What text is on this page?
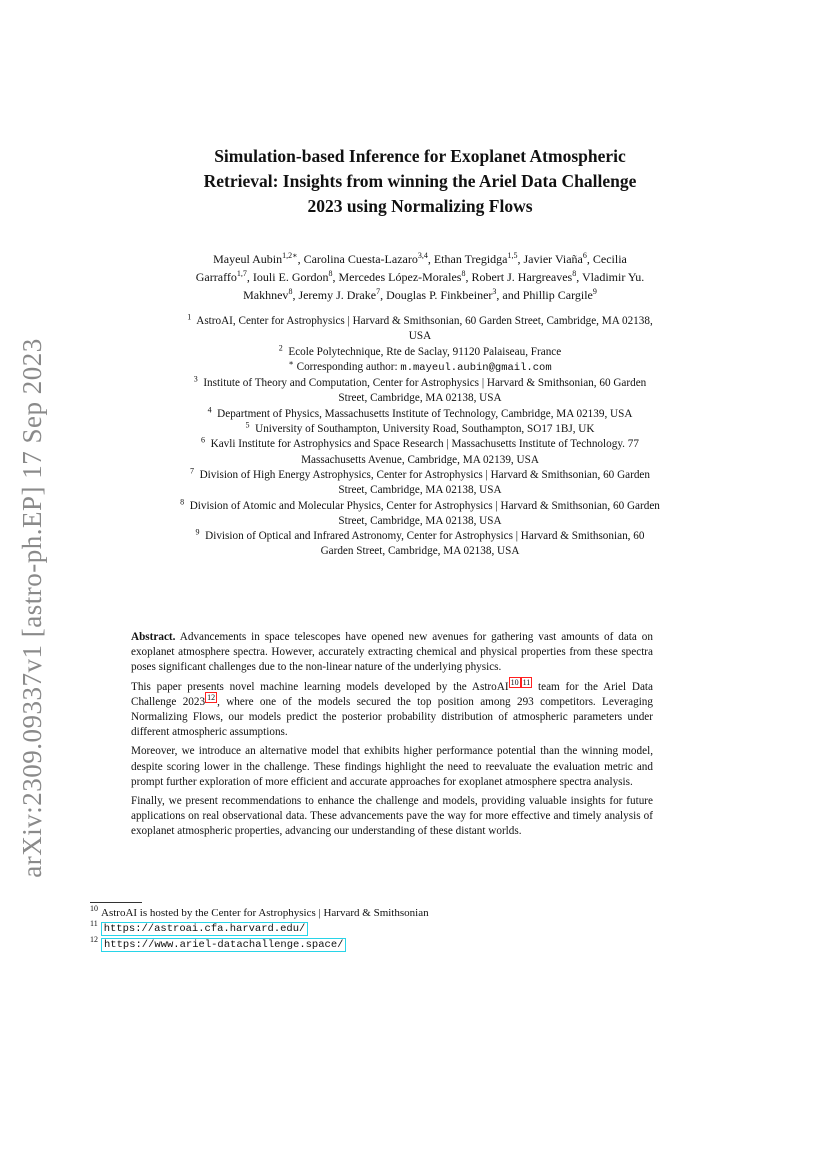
arXiv:2309.09337v1 [astro-ph.EP] 17 Sep 2023
Simulation-based Inference for Exoplanet Atmospheric
Retrieval: Insights from winning the Ariel Data Challenge
2023 using Normalizing Flows
Mayeul Aubin$^{1,2∗}$, Carolina Cuesta-Lazaro$^{3,4}$, Ethan Tregidga$^{1,5}$, Javier Viaña$^6$, Cecilia
Garraffo$^{1,7}$, Iouli E. Gordon$^8$, Mercedes López-Morales$^8$, Robert J. Hargreaves$^8$, Vladimir Yu.
Makhnev$^8$, Jeremy J. Drake$^7$, Douglas P. Finkbeiner$^3$, and Phillip Cargile$^9$
$^1$ AstroAI, Center for Astrophysics | Harvard & Smithsonian, 60 Garden Street, Cambridge, MA 02138,
USA
$^2$ Ecole Polytechnique, Rte de Saclay, 91120 Palaiseau, France
∗ Corresponding author: m.mayeul.aubin@gmail.com
$^3$ Institute of Theory and Computation, Center for Astrophysics | Harvard & Smithsonian, 60 Garden
Street, Cambridge, MA 02138, USA
$^4$ Department of Physics, Massachusetts Institute of Technology, Cambridge, MA 02139, USA
$^5$ University of Southampton, University Road, Southampton, SO17 1BJ, UK
$^6$ Kavli Institute for Astrophysics and Space Research | Massachusetts Institute of Technology. 77
Massachusetts Avenue, Cambridge, MA 02139, USA
$^7$ Division of High Energy Astrophysics, Center for Astrophysics | Harvard & Smithsonian, 60 Garden
Street, Cambridge, MA 02138, USA
$^8$ Division of Atomic and Molecular Physics, Center for Astrophysics | Harvard & Smithsonian, 60 Garden
Street, Cambridge, MA 02138, USA
$^9$ Division of Optical and Infrared Astronomy, Center for Astrophysics | Harvard & Smithsonian, 60
Garden Street, Cambridge, MA 02138, USA

Abstract. Advancements in space telescopes have opened new avenues for gathering vast amounts of data on exoplanet atmosphere spectra. However, accurately extracting chemical and physical properties from these spectra poses significant challenges due to the non-linear nature of the underlying physics.

This paper presents novel machine learning models developed by the AstroAI $^{10}$ $^{11}$ team for the Ariel Data Challenge 2023 $^{12}$ , where one of the models secured the top position among 293 competitors. Leveraging Normalizing Flows, our models predict the posterior probability distribution of atmospheric parameters under different atmospheric assumptions.

Moreover, we introduce an alternative model that exhibits higher performance potential than the winning model, despite scoring lower in the challenge. These findings highlight the need to reevaluate the evaluation metric and prompt further exploration of more efficient and accurate approaches for exoplanet atmosphere spectra analysis.

Finally, we present recommendations to enhance the challenge and models, providing valuable insights for future applications on real observational data. These advancements pave the way for more effective and timely analysis of exoplanet atmospheric properties, advancing our understanding of these distant worlds.

$^{10}$ AstroAI is hosted by the Center for Astrophysics | Harvard & Smithsonian
$^{11}$ https://astroai.cfa.harvard.edu/
$^{12}$ https://www.ariel-datachallenge.space/
